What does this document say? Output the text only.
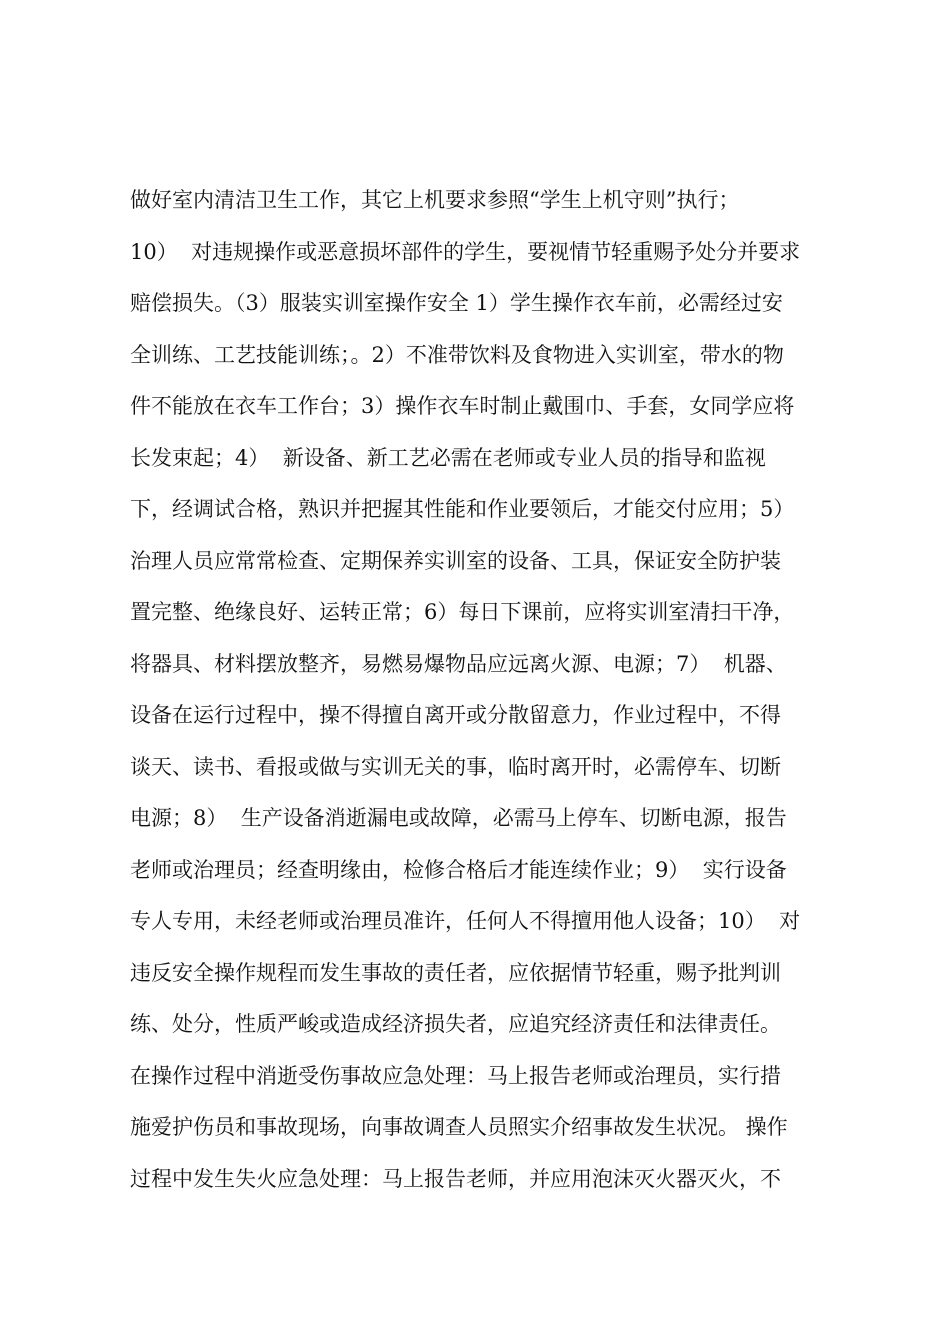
做好室内清洁卫生工作，其它上机要求参照“学生上机守则”执行；
10）  对违规操作或恶意损坏部件的学生，要视情节轻重赐予处分并要求
赔偿损失。（3）服装实训室操作安全 1）学生操作衣车前，必需经过安
全训练、工艺技能训练；。2）不准带饮料及食物进入实训室，带水的物
件不能放在衣车工作台；3）操作衣车时制止戴围巾、手套，女同学应将
长发束起；4）  新设备、新工艺必需在老师或专业人员的指导和监视
下，经调试合格，熟识并把握其性能和作业要领后，才能交付应用；5）
治理人员应常常检查、定期保养实训室的设备、工具，保证安全防护装
置完整、绝缘良好、运转正常；6）每日下课前，应将实训室清扫干净，
将器具、材料摆放整齐，易燃易爆物品应远离火源、电源；7）  机器、
设备在运行过程中，操不得擅自离开或分散留意力，作业过程中，不得
谈天、读书、看报或做与实训无关的事，临时离开时，必需停车、切断
电源；8）  生产设备消逝漏电或故障，必需马上停车、切断电源，报告
老师或治理员；经查明缘由，检修合格后才能连续作业；9）  实行设备
专人专用，未经老师或治理员准许，任何人不得擅用他人设备；10）  对
违反安全操作规程而发生事故的责任者，应依据情节轻重，赐予批判训
练、处分，性质严峻或造成经济损失者，应追究经济责任和法律责任。
在操作过程中消逝受伤事故应急处理：马上报告老师或治理员，实行措
施爱护伤员和事故现场，向事故调查人员照实介绍事故发生状况。 操作
过程中发生失火应急处理：马上报告老师，并应用泡沫灭火器灭火，不
